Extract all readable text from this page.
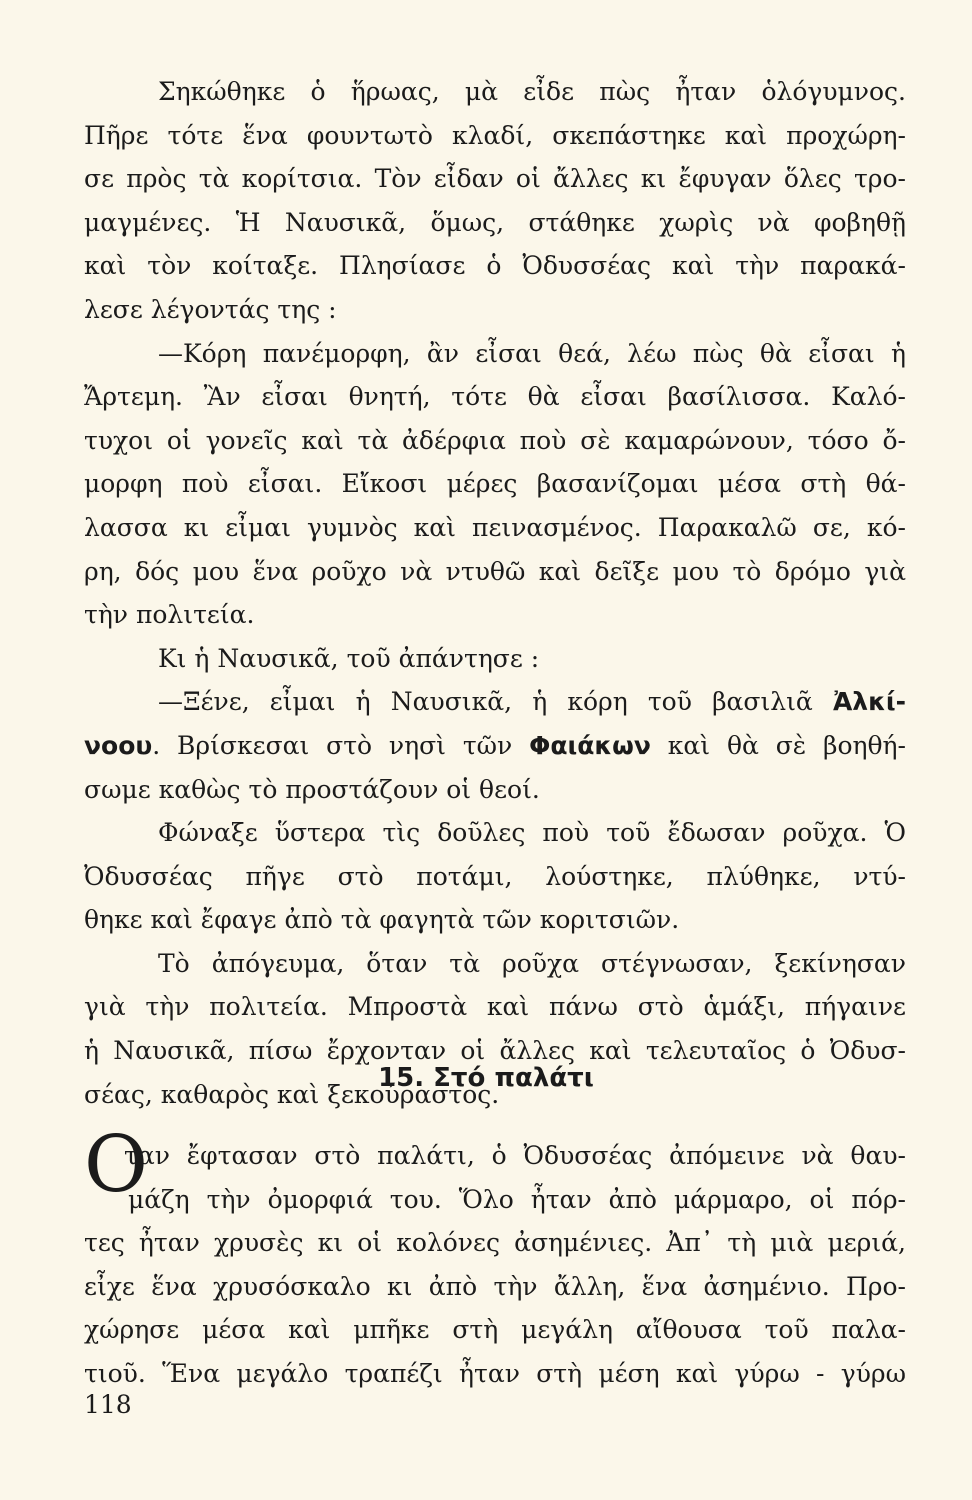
Σηκώθηκε ὁ ἥρωας, μὰ εἶδε πὼς ἦταν ὁλόγυμνος.
Πῆρε τότε ἕνα φουντωτὸ κλαδί, σκεπάστηκε καὶ προχώρη-
σε πρὸς τὰ κορίτσια. Τὸν εἶδαν οἱ ἄλλες κι ἔφυγαν ὅλες τρο-
μαγμένες. Ἡ Ναυσικᾶ, ὅμως, στάθηκε χωρὶς νὰ φοβηθῇ
καὶ τὸν κοίταξε. Πλησίασε ὁ Ὀδυσσέας καὶ τὴν παρακά-
λεσε λέγοντάς της :
—Κόρη πανέμορφη, ἂν εἶσαι θεά, λέω πὼς θὰ εἶσαι ἡ
Ἄρτεμη. Ἂν εἶσαι θνητή, τότε θὰ εἶσαι βασίλισσα. Καλό-
τυχοι οἱ γονεῖς καὶ τὰ ἀδέρφια ποὺ σὲ καμαρώνουν, τόσο ὄ-
μορφη ποὺ εἶσαι. Εἴκοσι μέρες βασανίζομαι μέσα στὴ θά-
λασσα κι εἶμαι γυμνὸς καὶ πεινασμένος. Παρακαλῶ σε, κό-
ρη, δός μου ἕνα ροῦχο νὰ ντυθῶ καὶ δεῖξε μου τὸ δρόμο γιὰ
τὴν πολιτεία.
Κι ἡ Ναυσικᾶ, τοῦ ἀπάντησε :
—Ξένε, εἶμαι ἡ Ναυσικᾶ, ἡ κόρη τοῦ βασιλιᾶ Ἀλκί-
νοου. Βρίσκεσαι στὸ νησὶ τῶν Φαιάκων καὶ θὰ σὲ βοηθή-
σωμε καθὼς τὸ προστάζουν οἱ θεοί.
Φώναξε ὕστερα τὶς δοῦλες ποὺ τοῦ ἔδωσαν ροῦχα. Ὁ
Ὀδυσσέας πῆγε στὸ ποτάμι, λούστηκε, πλύθηκε, ντύ-
θηκε καὶ ἔφαγε ἀπὸ τὰ φαγητὰ τῶν κοριτσιῶν.
Τὸ ἀπόγευμα, ὅταν τὰ ροῦχα στέγνωσαν, ξεκίνησαν
γιὰ τὴν πολιτεία. Μπροστὰ καὶ πάνω στὸ ἁμάξι, πήγαινε
ἡ Ναυσικᾶ, πίσω ἔρχονταν οἱ ἄλλες καὶ τελευταῖος ὁ Ὀδυσ-
σέας, καθαρὸς καὶ ξεκούραστος.
15. Στό παλάτι
Ο
ταν ἔφτασαν στὸ παλάτι, ὁ Ὀδυσσέας ἀπόμεινε νὰ θαυ-
μάζη τὴν ὀμορφιά του. Ὅλο ἦταν ἀπὸ μάρμαρο, οἱ πόρ-
τες ἦταν χρυσὲς κι οἱ κολόνες ἀσημένιες. Ἀπ᾿ τὴ μιὰ μεριά,
εἶχε ἕνα χρυσόσκαλο κι ἀπὸ τὴν ἄλλη, ἕνα ἀσημένιο. Προ-
χώρησε μέσα καὶ μπῆκε στὴ μεγάλη αἴθουσα τοῦ παλα-
τιοῦ. Ἕνα μεγάλο τραπέζι ἦταν στὴ μέση καὶ γύρω - γύρω
118
